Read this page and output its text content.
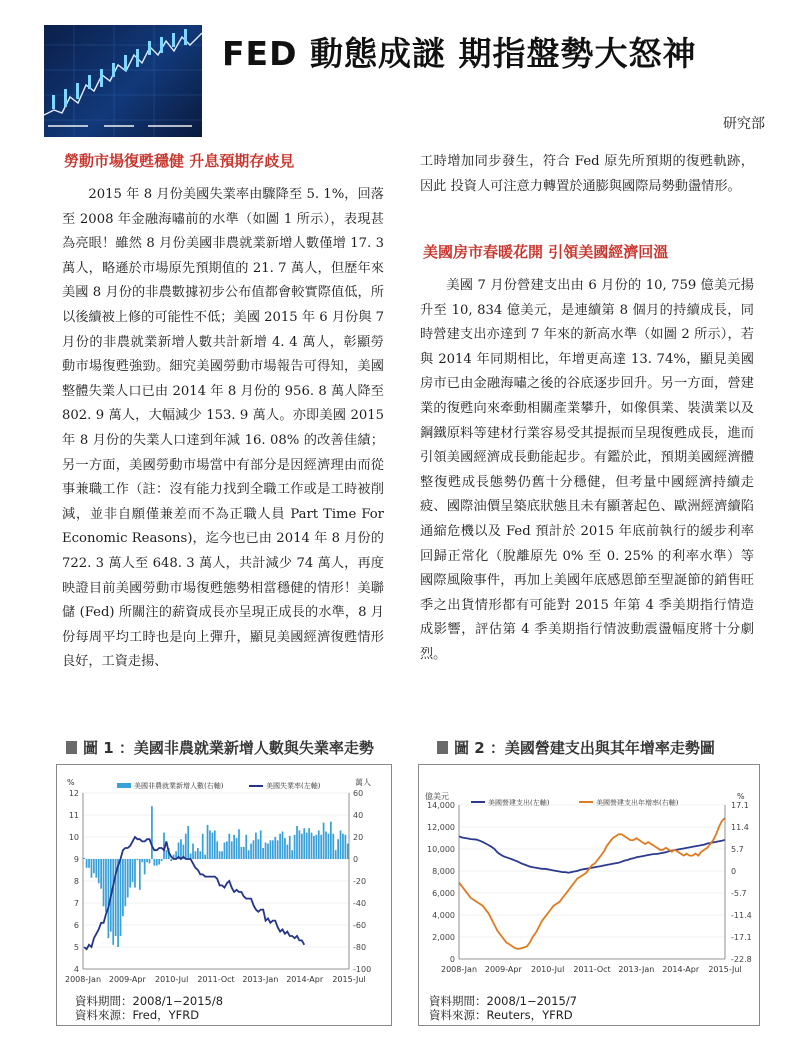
FED 動態成謎 期指盤勢大怒神
研究部
勞動市場復甦穩健 升息預期存歧見

2015 年 8 月份美國失業率由驟降至 5. 1%，回落至 2008 年金融海嘯前的水準（如圖 1 所示），表現甚為亮眼！雖然 8 月份美國非農就業新增人數僅增 17. 3 萬人，略遜於市場原先預期值的 21. 7 萬人，但歷年來美國 8 月份的非農數據初步公布值都會較實際值低，所以後續被上修的可能性不低；美國 2015 年 6 月份與 7 月份的非農就業新增人數共計新增 4. 4 萬人，彰顯勞動市場復甦強勁。細究美國勞動市場報告可得知，美國整體失業人口已由 2014 年 8 月份的 956. 8 萬人降至 802. 9 萬人，大幅減少 153. 9 萬人。亦即美國 2015 年 8 月份的失業人口達到年減 16. 08% 的改善佳績；另一方面，美國勞動市場當中有部分是因經濟理由而從事兼職工作（註：沒有能力找到全職工作或是工時被削減，並非自願僅兼差而不為正職人員 Part Time For Economic Reasons)，迄今也已由 2014 年 8 月份的 722. 3 萬人至 648. 3 萬人，共計減少 74 萬人，再度映證目前美國勞動市場復甦態勢相當穩健的情形！美聯儲 (Fed) 所關注的薪資成長亦呈現正成長的水準，8 月份每周平均工時也是向上彈升，顯見美國經濟復甦情形良好，工資走揚、

工時增加同步發生，符合 Fed 原先所預期的復甦軌跡，因此 投資人可注意力轉置於通膨與國際局勢動盪情形。

美國房市春暖花開 引領美國經濟回溫

美國 7 月份營建支出由 6 月份的 10, 759 億美元揚升至 10, 834 億美元，是連續第 8 個月的持續成長，同時營建支出亦達到 7 年來的新高水準（如圖 2 所示），若與 2014 年同期相比，年增更高達 13. 74%，顯見美國房市已由金融海嘯之後的谷底逐步回升。另一方面，營建業的復甦向來牽動相關產業攀升，如像俱業、裝潢業以及鋼鐵原料等建材行業容易受其提振而呈現復甦成長，進而引領美國經濟成長動能起步。有鑑於此，預期美國經濟體整復甦成長態勢仍舊十分穩健，但考量中國經濟持續走疲、國際油價呈築底狀態且未有顯著起色、歐洲經濟續陷通縮危機以及 Fed 預計於 2015 年底前執行的緩步利率回歸正常化（脫離原先 0% 至 0. 25% 的利率水準）等國際風險事件，再加上美國年底感恩節至聖誕節的銷售旺季之出貨情形都有可能對 2015 年第 4 季美期指行情造成影響，評估第 4 季美期指行情波動震盪幅度將十分劇烈。

圖 1 ：美國非農就業新增人數與失業率走勢
%	萬人
美國非農就業新增人數(右軸)	美國失業率(左軸)
4
5
6
7
8
9
10
11
12
-100
-80
-60
-40
-20
0
20
40
60
2008-Jan 2009-Apr 2010-Jul 2011-Oct 2013-Jan 2014-Apr 2015-Jul
資料期間：2008/1−2015/8
資料來源：Fred，YFRD
圖 2 ：美國營建支出與其年增率走勢圖
億美元	%
美國營建支出(左軸)	美國營建支出年增率(右軸)
0
2,000
4,000
6,000
8,000
10,000
12,000
14,000
-22.8
-17.1
-11.4
-5.7
0
5.7
11.4
17.1
2008-Jan 2009-Apr 2010-Jul 2011-Oct 2013-Jan 2014-Apr 2015-Jul
資料期間：2008/1−2015/7
資料來源：Reuters，YFRD
